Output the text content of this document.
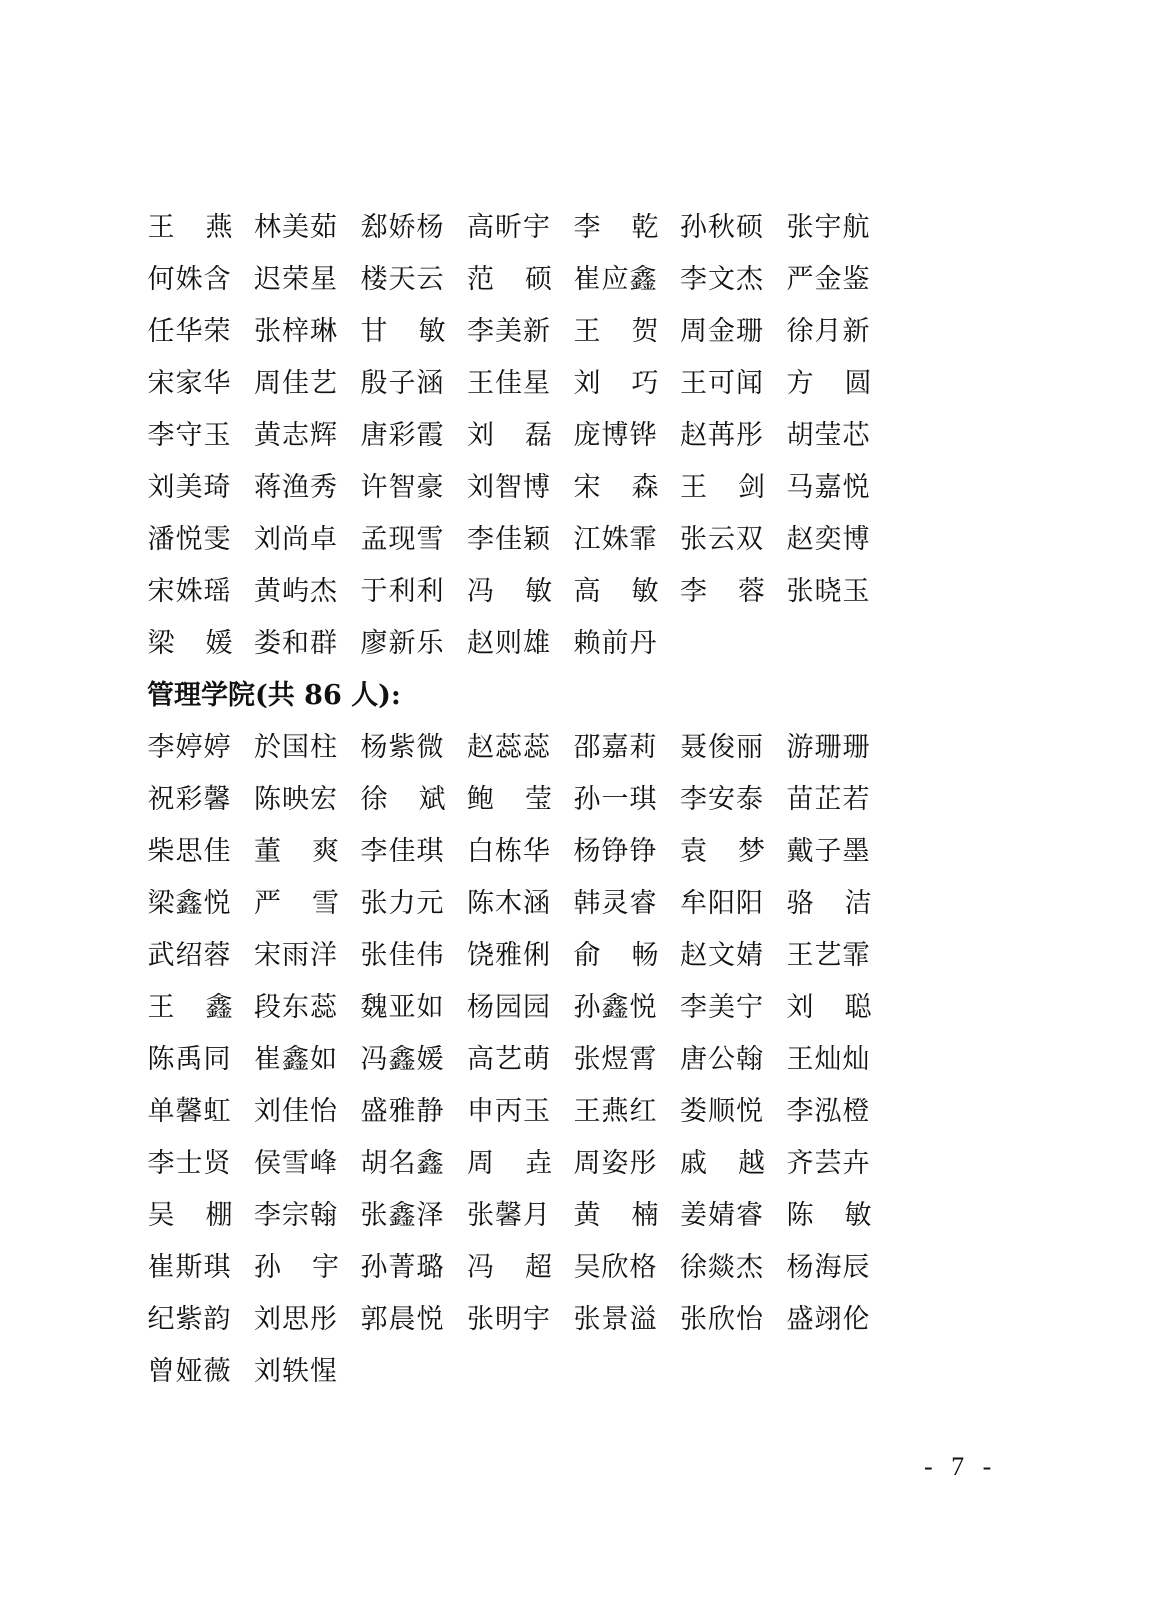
王 燕 林 美 茹 郄 娇 杨 高 昕 宇 李 乾 孙 秋 硕 张 宇 航
何 姝 含 迟 荣 星 楼 天 云 范 硕 崔 应 鑫 李 文 杰 严 金 鉴
任 华 荣 张 梓 琳 甘 敏 李 美 新 王 贺 周 金 珊 徐 月 新
宋 家 华 周 佳 艺 殷 子 涵 王 佳 星 刘 巧 王 可 闻 方 圆
李 守 玉 黄 志 辉 唐 彩 霞 刘 磊 庞 博 铧 赵 苒 彤 胡 莹 芯
刘 美 琦 蒋 渔 秀 许 智 豪 刘 智 博 宋 森 王 剑 马 嘉 悦
潘 悦 雯 刘 尚 卓 孟 现 雪 李 佳 颖 江 姝 霏 张 云 双 赵 奕 博
宋 姝 瑶 黄 屿 杰 于 利 利 冯 敏 高 敏 李 蓉 张 晓 玉
梁 媛 娄 和 群 廖 新 乐 赵 则 雄 赖 前 丹
管理学院(共 86 人):
李 婷 婷 於 国 柱 杨 紫 微 赵 蕊 蕊 邵 嘉 莉 聂 俊 丽 游 珊 珊
祝 彩 馨 陈 映 宏 徐 斌 鲍 莹 孙 一 琪 李 安 泰 苗 芷 若
柴 思 佳 董 爽 李 佳 琪 白 栋 华 杨 铮 铮 袁 梦 戴 子 墨
梁 鑫 悦 严 雪 张 力 元 陈 木 涵 韩 灵 睿 牟 阳 阳 骆 洁
武 绍 蓉 宋 雨 洋 张 佳 伟 饶 雅 俐 俞 畅 赵 文 婧 王 艺 霏
王 鑫 段 东 蕊 魏 亚 如 杨 园 园 孙 鑫 悦 李 美 宁 刘 聪
陈 禹 同 崔 鑫 如 冯 鑫 媛 高 艺 萌 张 煜 霄 唐 公 翰 王 灿 灿
单 馨 虹 刘 佳 怡 盛 雅 静 申 丙 玉 王 燕 红 娄 顺 悦 李 泓 橙
李 士 贤 侯 雪 峰 胡 名 鑫 周 垚 周 姿 彤 戚 越 齐 芸 卉
吴 棚 李 宗 翰 张 鑫 泽 张 馨 月 黄 楠 姜 婧 睿 陈 敏
崔 斯 琪 孙 宇 孙 菁 璐 冯 超 吴 欣 格 徐 燚 杰 杨 海 辰
纪 紫 韵 刘 思 彤 郭 晨 悦 张 明 宇 张 景 溢 张 欣 怡 盛 翊 伦
曾 娅 薇 刘 轶 惺
- 7 -
